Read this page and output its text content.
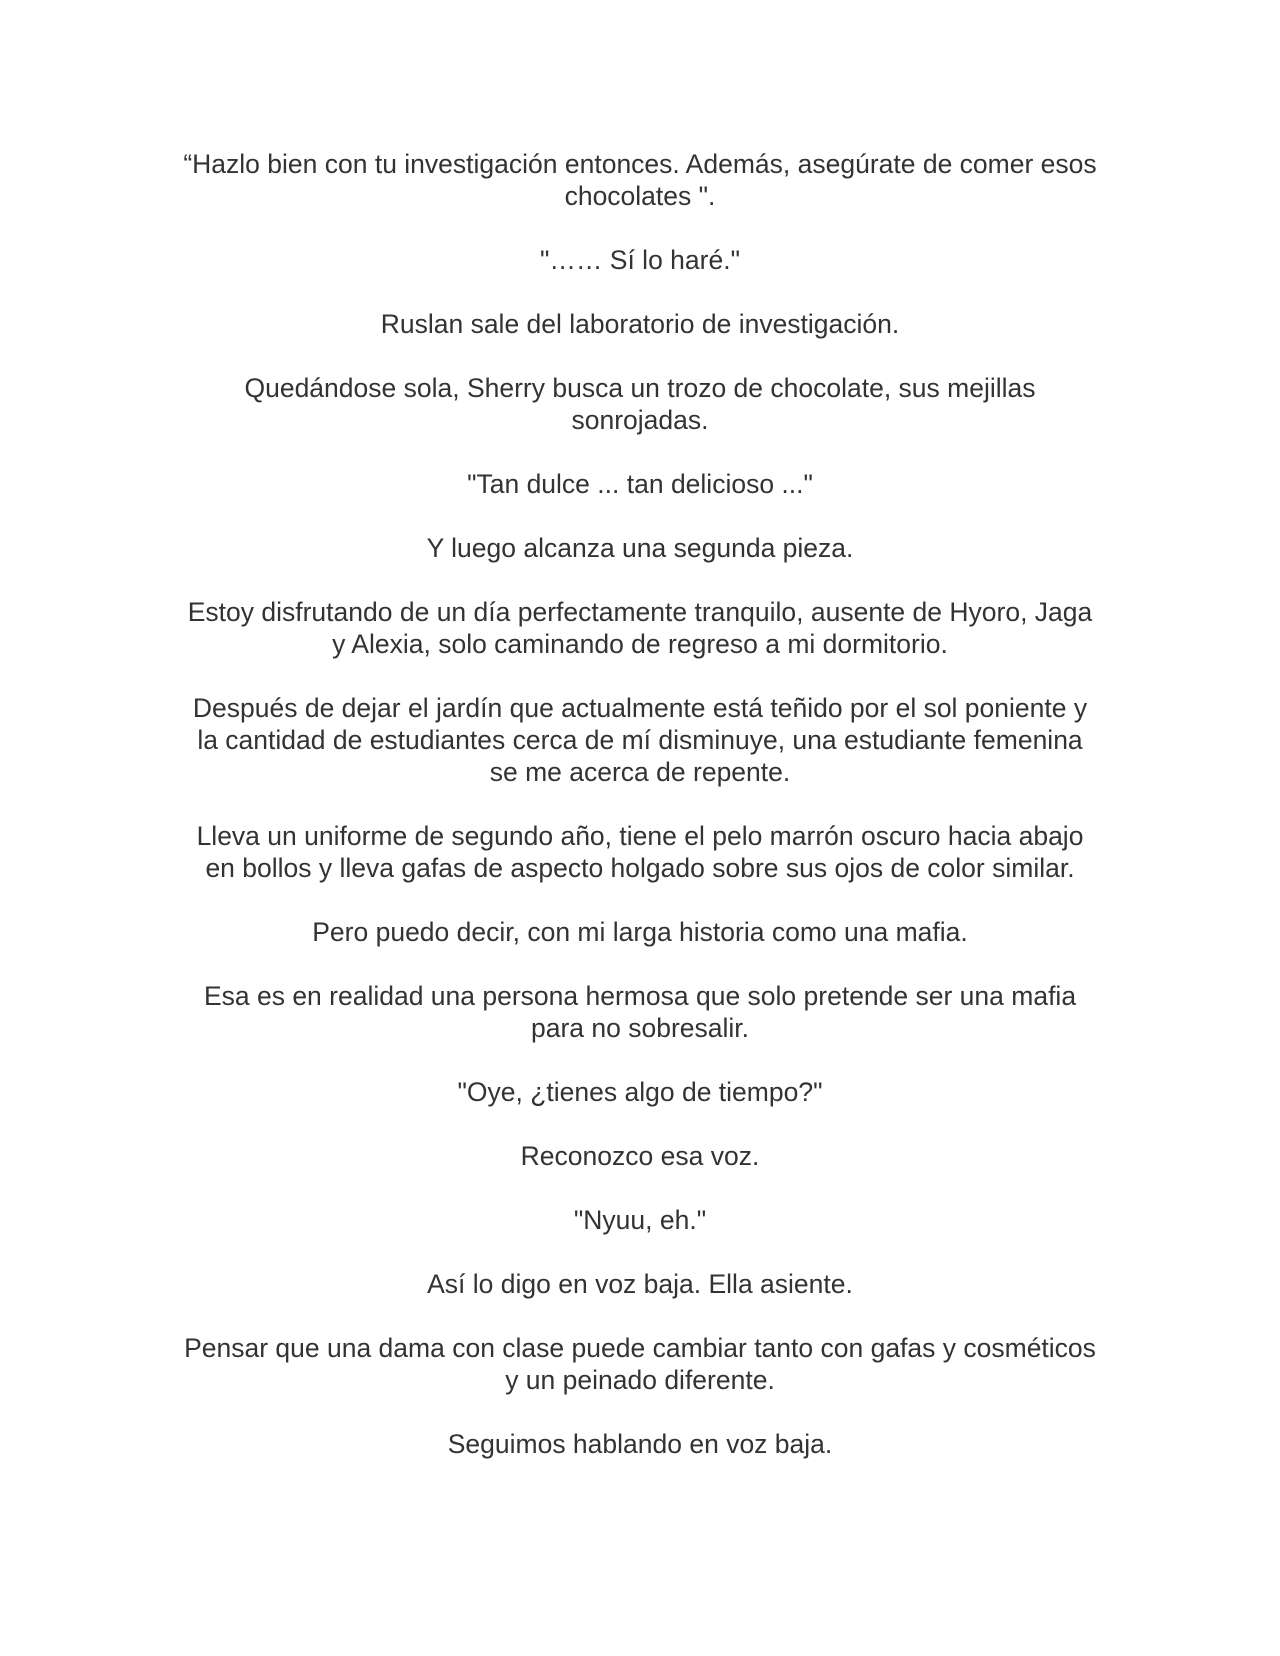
“Hazlo bien con tu investigación entonces. Además, asegúrate de comer esos chocolates ".

"…… Sí lo haré."

Ruslan sale del laboratorio de investigación.

Quedándose sola, Sherry busca un trozo de chocolate, sus mejillas sonrojadas.

"Tan dulce ... tan delicioso ..."

Y luego alcanza una segunda pieza.

Estoy disfrutando de un día perfectamente tranquilo, ausente de Hyoro, Jaga y Alexia, solo caminando de regreso a mi dormitorio.

Después de dejar el jardín que actualmente está teñido por el sol poniente y la cantidad de estudiantes cerca de mí disminuye, una estudiante femenina se me acerca de repente.

Lleva un uniforme de segundo año, tiene el pelo marrón oscuro hacia abajo en bollos y lleva gafas de aspecto holgado sobre sus ojos de color similar.

Pero puedo decir, con mi larga historia como una mafia.

Esa es en realidad una persona hermosa que solo pretende ser una mafia para no sobresalir.

"Oye, ¿tienes algo de tiempo?"

Reconozco esa voz.

"Nyuu, eh."

Así lo digo en voz baja. Ella asiente.

Pensar que una dama con clase puede cambiar tanto con gafas y cosméticos y un peinado diferente.

Seguimos hablando en voz baja.
